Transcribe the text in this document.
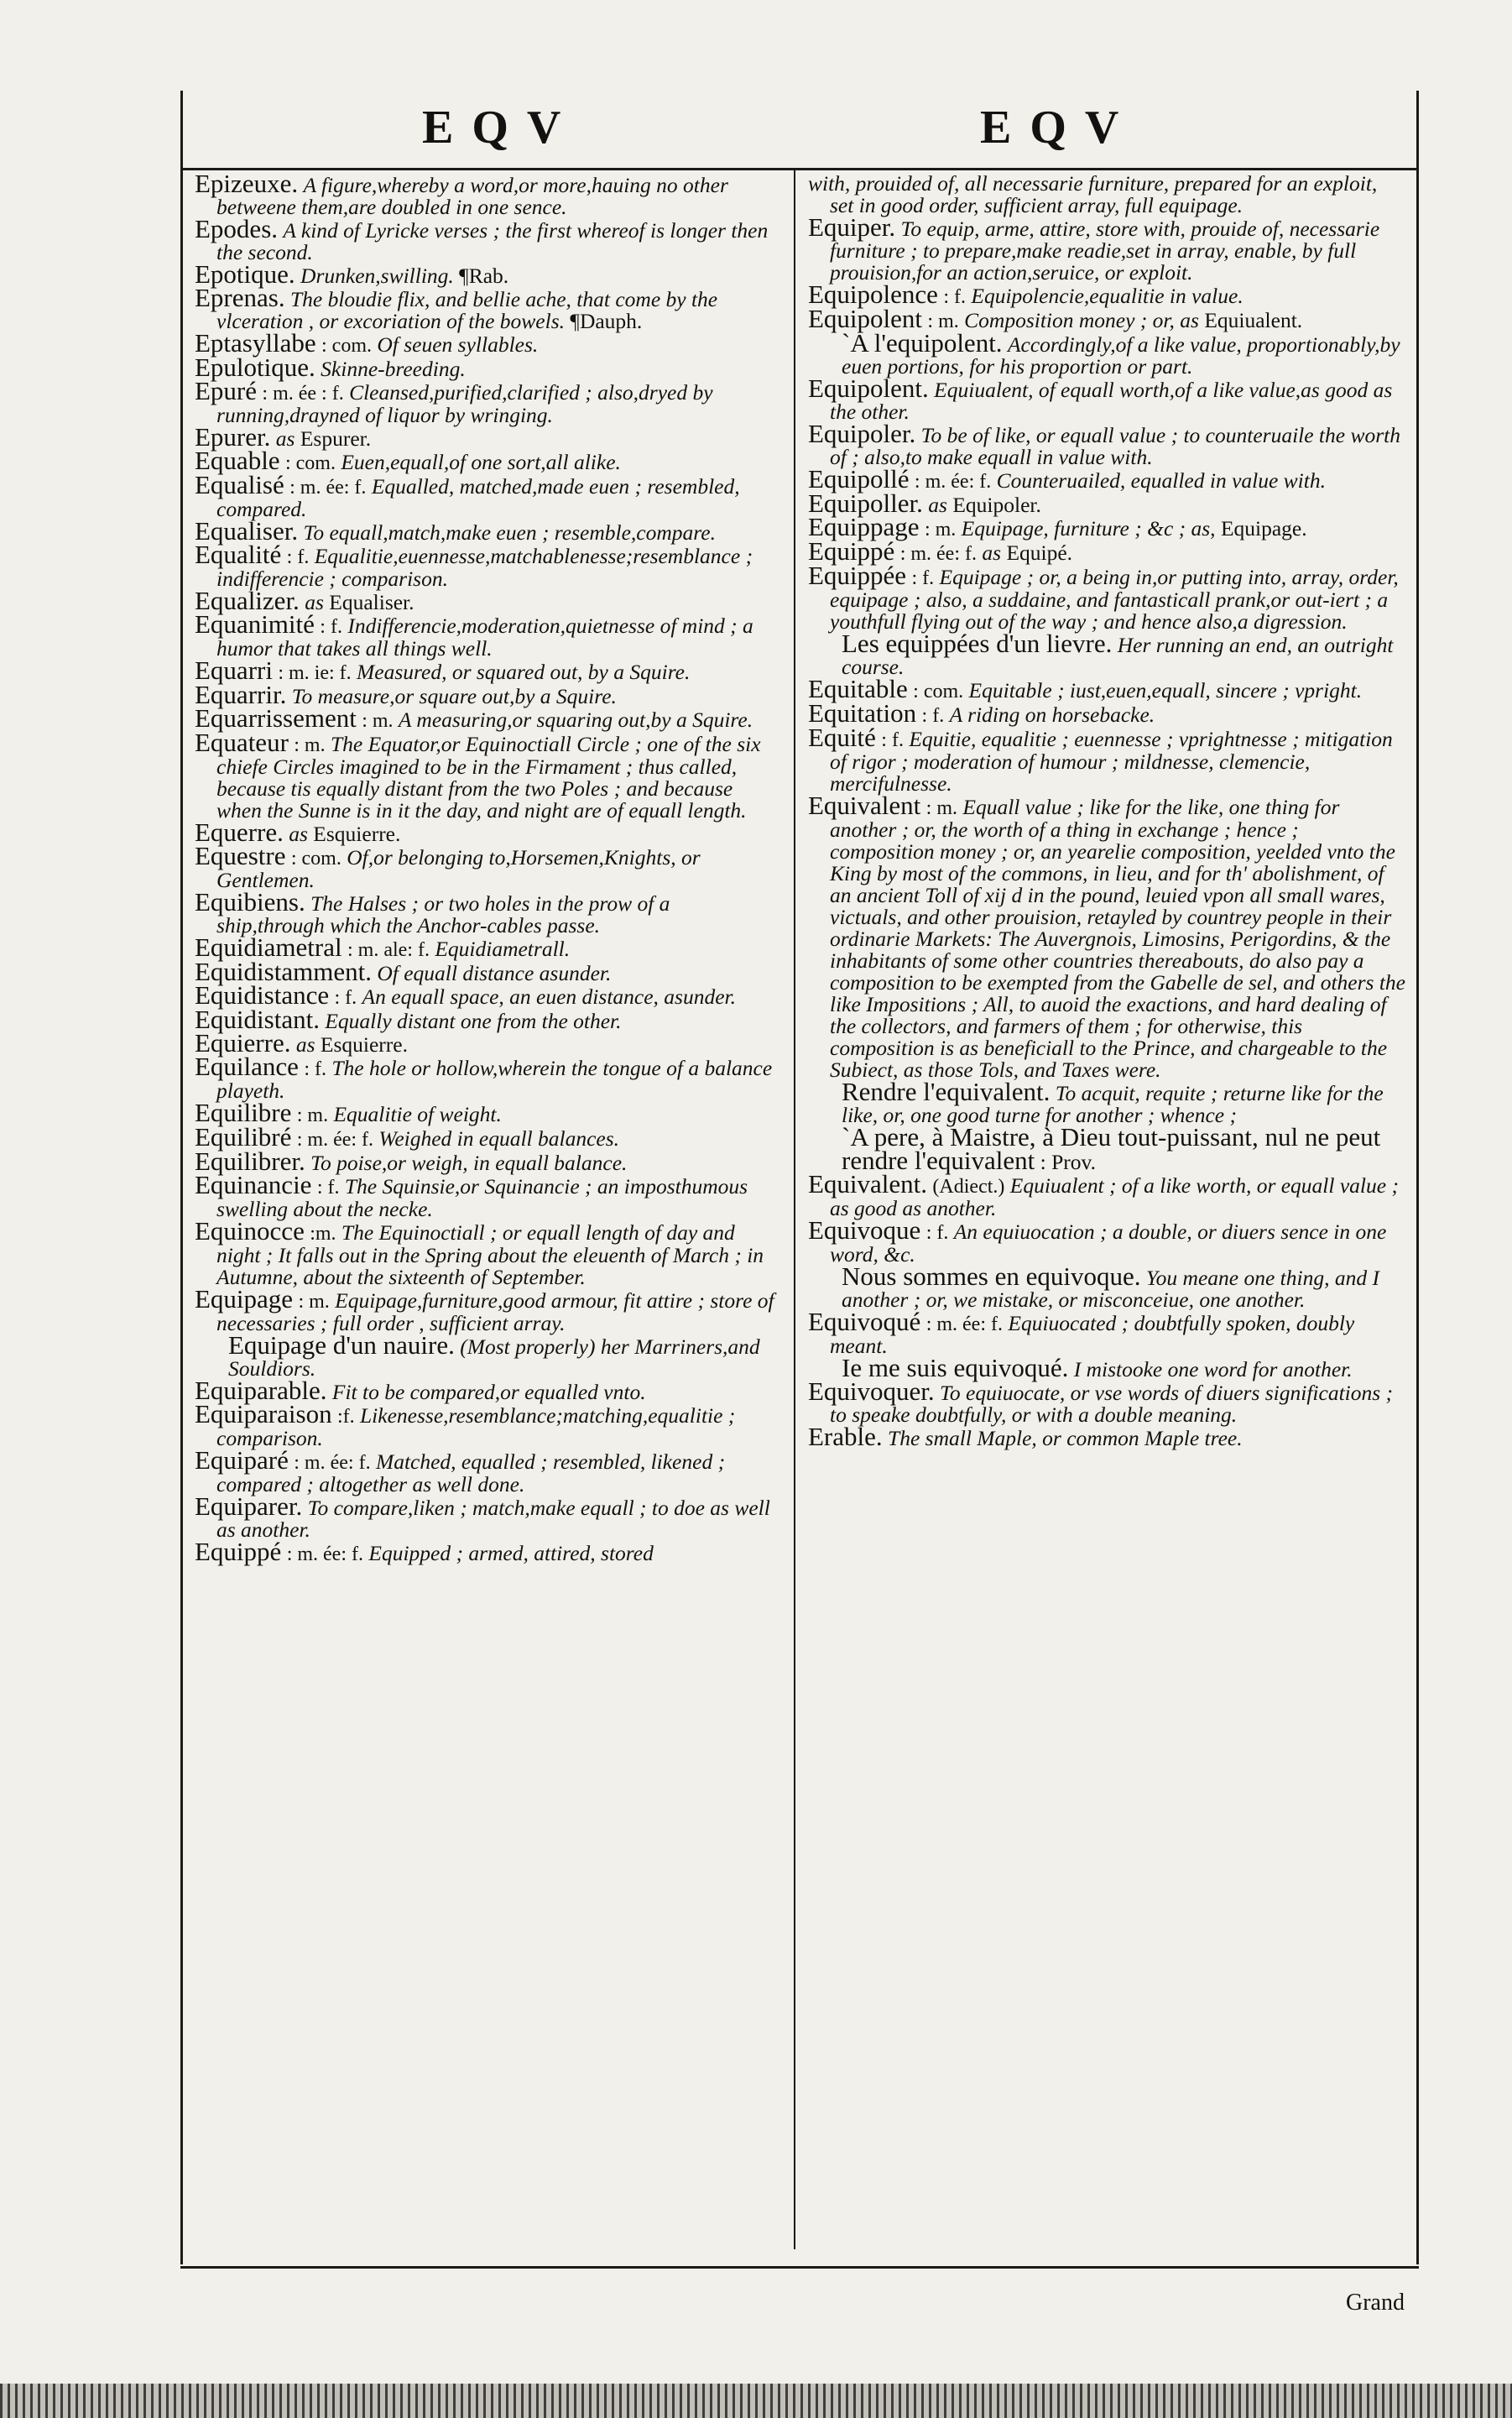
EQV	EQV

Epizeuxe. A figure,whereby a word,or more,hauing no other betweene them,are doubled in one sence.

Epodes. A kind of Lyricke verses ; the first whereof is longer then the second.

Epotique. Drunken,swilling. ¶Rab.

Eprenas. The bloudie flix, and bellie ache, that come by the vlceration , or excoriation of the bowels. ¶Dauph.

Eptasyllabe : com. Of seuen syllables.

Epulotique. Skinne-breeding.

Epuré : m. ée : f. Cleansed,purified,clarified ; also,dryed by running,drayned of liquor by wringing.

Epurer. as Espurer.

Equable : com. Euen,equall,of one sort,all alike.

Equalisé : m. ée: f. Equalled, matched,made euen ; resembled, compared.

Equaliser. To equall,match,make euen ; resemble,compare.

Equalité : f. Equalitie,euennesse,matchablenesse;resemblance ; indifferencie ; comparison.

Equalizer. as Equaliser.

Equanimité : f. Indifferencie,moderation,quietnesse of mind ; a humor that takes all things well.

Equarri : m. ie: f. Measured, or squared out, by a Squire.

Equarrir. To measure,or square out,by a Squire.

Equarrissement : m. A measuring,or squaring out,by a Squire.

Equateur : m. The Equator,or Equinoctiall Circle ; one of the six chiefe Circles imagined to be in the Firmament ; thus called, because tis equally distant from the two Poles ; and because when the Sunne is in it the day, and night are of equall length.

Equerre. as Esquierre.

Equestre : com. Of,or belonging to,Horsemen,Knights, or Gentlemen.

Equibiens. The Halses ; or two holes in the prow of a ship,through which the Anchor-cables passe.

Equidiametral : m. ale: f. Equidiametrall.

Equidistamment. Of equall distance asunder.

Equidistance : f. An equall space, an euen distance, asunder.

Equidistant. Equally distant one from the other.

Equierre. as Esquierre.

Equilance : f. The hole or hollow,wherein the tongue of a balance playeth.

Equilibre : m. Equalitie of weight.

Equilibré : m. ée: f. Weighed in equall balances.

Equilibrer. To poise,or weigh, in equall balance.

Equinancie : f. The Squinsie,or Squinancie ; an imposthumous swelling about the necke.

Equinocce :m. The Equinoctiall ; or equall length of day and night ; It falls out in the Spring about the eleuenth of March ; in Autumne, about the sixteenth of September.

Equipage : m. Equipage,furniture,good armour, fit attire ; store of necessaries ; full order , sufficient array.

Equipage d'un nauire. (Most properly) her Marriners,and Souldiors.

Equiparable. Fit to be compared,or equalled vnto.

Equiparaison :f. Likenesse,resemblance;matching,equalitie ; comparison.

Equiparé : m. ée: f. Matched, equalled ; resembled, likened ; compared ; altogether as well done.

Equiparer. To compare,liken ; match,make equall ; to doe as well as another.

Equippé : m. ée: f. Equipped ; armed, attired, stored

with, prouided of, all necessarie furniture, prepared for an exploit, set in good order, sufficient array, full equipage.

Equiper. To equip, arme, attire, store with, prouide of, necessarie furniture ; to prepare,make readie,set in array, enable, by full prouision,for an action,seruice, or exploit.

Equipolence : f. Equipolencie,equalitie in value.

Equipolent : m. Composition money ; or, as Equiualent.

`A l'equipolent. Accordingly,of a like value, proportionably,by euen portions, for his proportion or part.

Equipolent. Equiualent, of equall worth,of a like value,as good as the other.

Equipoler. To be of like, or equall value ; to counteruaile the worth of ; also,to make equall in value with.

Equipollé : m. ée: f. Counteruailed, equalled in value with.

Equipoller. as Equipoler.

Equippage : m. Equipage, furniture ; &c ; as, Equipage.

Equippé : m. ée: f. as Equipé.

Equippée : f. Equipage ; or, a being in,or putting into, array, order, equipage ; also, a suddaine, and fantasticall prank,or out-iert ; a youthfull flying out of the way ; and hence also,a digression.

Les equippées d'un lievre. Her running an end, an outright course.

Equitable : com. Equitable ; iust,euen,equall, sincere ; vpright.

Equitation : f. A riding on horsebacke.

Equité : f. Equitie, equalitie ; euennesse ; vprightnesse ; mitigation of rigor ; moderation of humour ; mildnesse, clemencie, mercifulnesse.

Equivalent : m. Equall value ; like for the like, one thing for another ; or, the worth of a thing in exchange ; hence ; composition money ; or, an yearelie composition, yeelded vnto the King by most of the commons, in lieu, and for th' abolishment, of an ancient Toll of xij d in the pound, leuied vpon all small wares, victuals, and other prouision, retayled by countrey people in their ordinarie Markets: The Auvergnois, Limosins, Perigordins, & the inhabitants of some other countries thereabouts, do also pay a composition to be exempted from the Gabelle de sel, and others the like Impositions ; All, to auoid the exactions, and hard dealing of the collectors, and farmers of them ; for otherwise, this composition is as beneficiall to the Prince, and chargeable to the Subiect, as those Tols, and Taxes were.

Rendre l'equivalent. To acquit, requite ; returne like for the like, or, one good turne for another ; whence ;

`A pere, à Maistre, à Dieu tout-puissant, nul ne peut rendre l'equivalent : Prov.

Equivalent. (Adiect.) Equiualent ; of a like worth, or equall value ; as good as another.

Equivoque : f. An equiuocation ; a double, or diuers sence in one word, &c.

Nous sommes en equivoque. You meane one thing, and I another ; or, we mistake, or misconceiue, one another.

Equivoqué : m. ée: f. Equiuocated ; doubtfully spoken, doubly meant.

Ie me suis equivoqué. I mistooke one word for another.

Equivoquer. To equiuocate, or vse words of diuers significations ; to speake doubtfully, or with a double meaning.

Erable. The small Maple, or common Maple tree.

Grand
